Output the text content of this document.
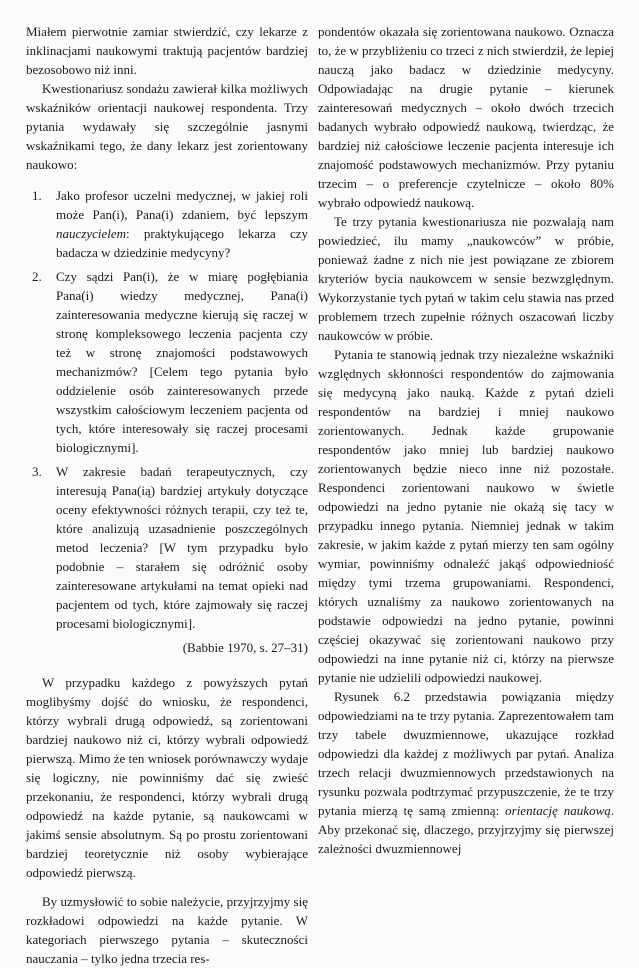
Miałem pierwotnie zamiar stwierdzić, czy lekarze z inklinacjami naukowymi traktują pacjentów bardziej bezosobowo niż inni.

Kwestionariusz sondażu zawierał kilka możliwych wskaźników orientacji naukowej respondenta. Trzy pytania wydawały się szczególnie jasnymi wskaźnikami tego, że dany lekarz jest zorientowany naukowo:

1. Jako profesor uczelni medycznej, w jakiej roli może Pan(i), Pana(i) zdaniem, być lepszym nauczycielem: praktykującego lekarza czy badacza w dziedzinie medycyny?
2. Czy sądzi Pan(i), że w miarę pogłębiania Pana(i) wiedzy medycznej, Pana(i) zainteresowania medyczne kierują się raczej w stronę kompleksowego leczenia pacjenta czy też w stronę znajomości podstawowych mechanizmów? [Celem tego pytania było oddzielenie osób zainteresowanych przede wszystkim całościowym leczeniem pacjenta od tych, które interesowały się raczej procesami biologicznymi].
3. W zakresie badań terapeutycznych, czy interesują Pana(ią) bardziej artykuły dotyczące oceny efektywności różnych terapii, czy też te, które analizują uzasadnienie poszczególnych metod leczenia? [W tym przypadku było podobnie – starałem się odróżnić osoby zainteresowane artykułami na temat opieki nad pacjentem od tych, które zajmowały się raczej procesami biologicznymi].

(Babbie 1970, s. 27–31)

W przypadku każdego z powyższych pytań moglibyśmy dojść do wniosku, że respondenci, którzy wybrali drugą odpowiedź, są zorientowani bardziej naukowo niż ci, którzy wybrali odpowiedź pierwszą. Mimo że ten wniosek porównawczy wydaje się logiczny, nie powinniśmy dać się zwieść przekonaniu, że respondenci, którzy wybrali drugą odpowiedź na każde pytanie, są naukowcami w jakimś sensie absolutnym. Są po prostu zorientowani bardziej teoretycznie niż osoby wybierające odpowiedź pierwszą.

By uzmysłowić to sobie należycie, przyjrzyjmy się rozkładowi odpowiedzi na każde pytanie. W kategoriach pierwszego pytania – skuteczności nauczania – tylko jedna trzecia res-

pondentów okazała się zorientowana naukowo. Oznacza to, że w przybliżeniu co trzeci z nich stwierdził, że lepiej nauczą jako badacz w dziedzinie medycyny. Odpowiadając na drugie pytanie – kierunek zainteresowań medycznych – około dwóch trzecich badanych wybrało odpowiedź naukową, twierdząc, że bardziej niż całościowe leczenie pacjenta interesuje ich znajomość podstawowych mechanizmów. Przy pytaniu trzecim – o preferencje czytelnicze – około 80% wybrało odpowiedź naukową.

Te trzy pytania kwestionariusza nie pozwalają nam powiedzieć, ilu mamy „naukowców” w próbie, ponieważ żadne z nich nie jest powiązane ze zbiorem kryteriów bycia naukowcem w sensie bezwzględnym. Wykorzystanie tych pytań w takim celu stawia nas przed problemem trzech zupełnie różnych oszacowań liczby naukowców w próbie.

Pytania te stanowią jednak trzy niezależne wskaźniki względnych skłonności respondentów do zajmowania się medycyną jako nauką. Każde z pytań dzieli respondentów na bardziej i mniej naukowo zorientowanych. Jednak każde grupowanie respondentów jako mniej lub bardziej naukowo zorientowanych będzie nieco inne niż pozostałe. Respondenci zorientowani naukowo w świetle odpowiedzi na jedno pytanie nie okażą się tacy w przypadku innego pytania. Niemniej jednak w takim zakresie, w jakim każde z pytań mierzy ten sam ogólny wymiar, powinniśmy odnaleźć jakąś odpowiedniość między tymi trzema grupowaniami. Respondenci, których uznaliśmy za naukowo zorientowanych na podstawie odpowiedzi na jedno pytanie, powinni częściej okazywać się zorientowani naukowo przy odpowiedzi na inne pytanie niż ci, którzy na pierwsze pytanie nie udzielili odpowiedzi naukowej.

Rysunek 6.2 przedstawia powiązania między odpowiedziami na te trzy pytania. Zaprezentowałem tam trzy tabele dwuzmiennowe, ukazujące rozkład odpowiedzi dla każdej z możliwych par pytań. Analiza trzech relacji dwuzmiennowych przedstawionych na rysunku pozwala podtrzymać przypuszczenie, że te trzy pytania mierzą tę samą zmienną: orientację naukową. Aby przekonać się, dlaczego, przyjrzyjmy się pierwszej zależności dwuzmiennowej
